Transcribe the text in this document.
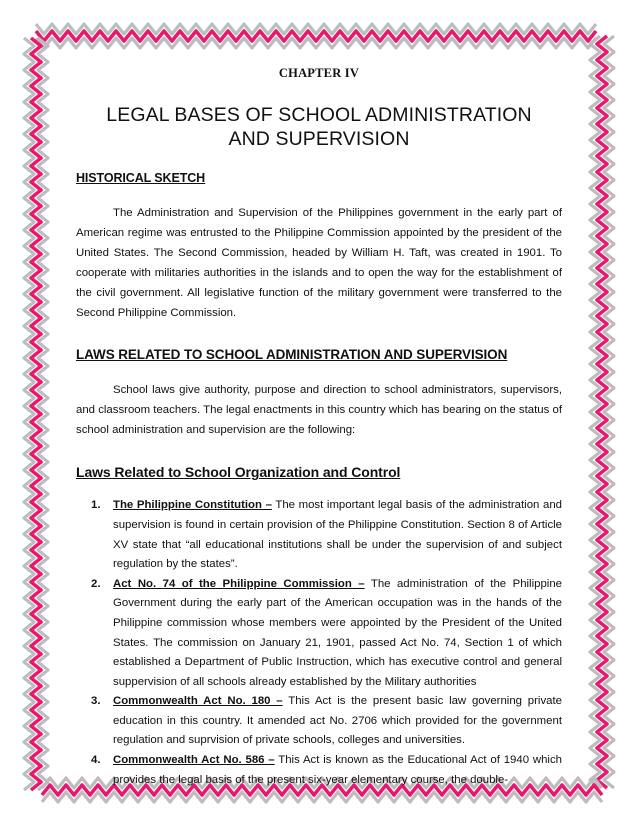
CHAPTER IV

LEGAL BASES OF SCHOOL ADMINISTRATION
AND SUPERVISION
HISTORICAL SKETCH

The Administration and Supervision of the Philippines government in the early part of American regime was entrusted to the Philippine Commission appointed by the president of the United States. The Second Commission, headed by William H. Taft, was created in 1901. To cooperate with militaries authorities in the islands and to open the way for the establishment of the civil government. All legislative function of the military government were transferred to the Second Philippine Commission.

LAWS RELATED TO SCHOOL ADMINISTRATION AND SUPERVISION

School laws give authority, purpose and direction to school administrators, supervisors, and classroom teachers. The legal enactments in this country which has bearing on the status of school administration and supervision are the following:

Laws Related to School Organization and Control
1. The Philippine Constitution – The most important legal basis of the administration and supervision is found in certain provision of the Philippine Constitution. Section 8 of Article XV state that “all educational institutions shall be under the supervision of and subject regulation by the states”.
2. Act No. 74 of the Philippine Commission – The administration of the Philippine Government during the early part of the American occupation was in the hands of the Philippine commission whose members were appointed by the President of the United States. The commission on January 21, 1901, passed Act No. 74, Section 1 of which established a Department of Public Instruction, which has executive control and general suppervision of all schools already established by the Military authorities
3. Commonwealth Act No. 180 – This Act is the present basic law governing private education in this country. It amended act No. 2706 which provided for the government regulation and suprvision of private schools, colleges and universities.
4. Commonwealth Act No. 586 – This Act is known as the Educational Act of 1940 which provides the legal basis of the present six-year elementary course, the double-
